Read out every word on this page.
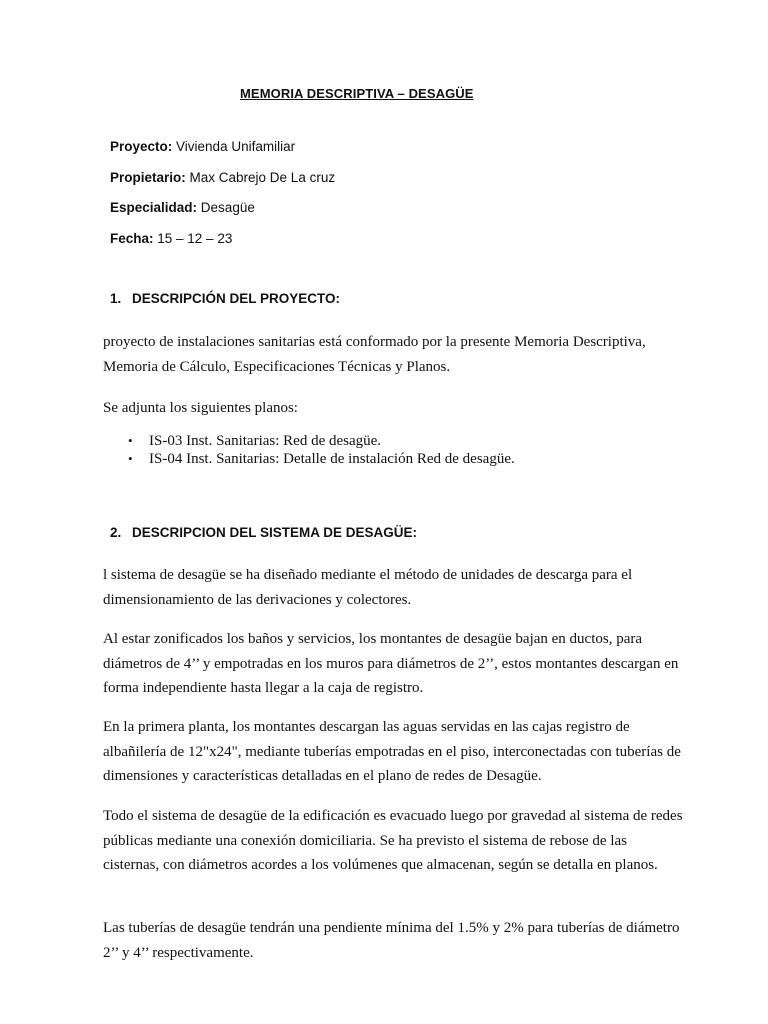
MEMORIA DESCRIPTIVA – DESAGÜE
Proyecto: Vivienda Unifamiliar
Propietario: Max Cabrejo De La cruz
Especialidad: Desagüe
Fecha: 15 – 12 – 23
1. DESCRIPCIÓN DEL PROYECTO:

proyecto de instalaciones sanitarias está conformado por la presente Memoria Descriptiva, Memoria de Cálculo, Especificaciones Técnicas y Planos.

Se adjunta los siguientes planos:

• IS-03 Inst. Sanitarias: Red de desagüe.
• IS-04 Inst. Sanitarias: Detalle de instalación Red de desagüe.
2. DESCRIPCION DEL SISTEMA DE DESAGÜE:

l sistema de desagüe se ha diseñado mediante el método de unidades de descarga para el dimensionamiento de las derivaciones y colectores.

Al estar zonificados los baños y servicios, los montantes de desagüe bajan en ductos, para diámetros de 4’’ y empotradas en los muros para diámetros de 2’’, estos montantes descargan en forma independiente hasta llegar a la caja de registro.

En la primera planta, los montantes descargan las aguas servidas en las cajas registro de albañilería de 12"x24", mediante tuberías empotradas en el piso, interconectadas con tuberías de dimensiones y características detalladas en el plano de redes de Desagüe.

Todo el sistema de desagüe de la edificación es evacuado luego por gravedad al sistema de redes públicas mediante una conexión domiciliaria. Se ha previsto el sistema de rebose de las cisternas, con diámetros acordes a los volúmenes que almacenan, según se detalla en planos.

Las tuberías de desagüe tendrán una pendiente mínima del 1.5% y 2% para tuberías de diámetro 2’’ y 4’’ respectivamente.
